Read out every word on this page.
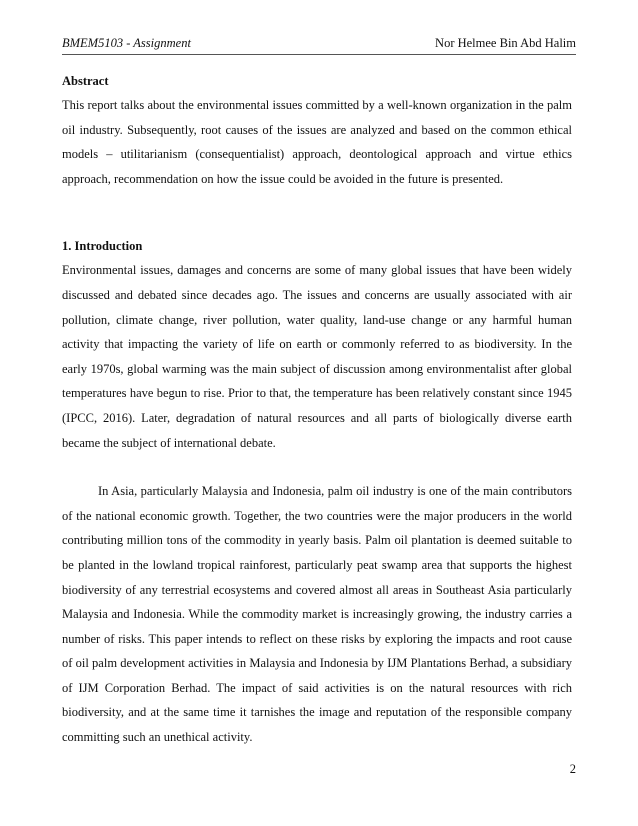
BMEM5103 - Assignment	Nor Helmee Bin Abd Halim
Abstract

This report talks about the environmental issues committed by a well-known organization in the palm oil industry. Subsequently, root causes of the issues are analyzed and based on the common ethical models – utilitarianism (consequentialist) approach, deontological approach and virtue ethics approach, recommendation on how the issue could be avoided in the future is presented.

1. Introduction

Environmental issues, damages and concerns are some of many global issues that have been widely discussed and debated since decades ago. The issues and concerns are usually associated with air pollution, climate change, river pollution, water quality, land-use change or any harmful human activity that impacting the variety of life on earth or commonly referred to as biodiversity. In the early 1970s, global warming was the main subject of discussion among environmentalist after global temperatures have begun to rise. Prior to that, the temperature has been relatively constant since 1945 (IPCC, 2016). Later, degradation of natural resources and all parts of biologically diverse earth became the subject of international debate.

In Asia, particularly Malaysia and Indonesia, palm oil industry is one of the main contributors of the national economic growth. Together, the two countries were the major producers in the world contributing million tons of the commodity in yearly basis. Palm oil plantation is deemed suitable to be planted in the lowland tropical rainforest, particularly peat swamp area that supports the highest biodiversity of any terrestrial ecosystems and covered almost all areas in Southeast Asia particularly Malaysia and Indonesia. While the commodity market is increasingly growing, the industry carries a number of risks. This paper intends to reflect on these risks by exploring the impacts and root cause of oil palm development activities in Malaysia and Indonesia by IJM Plantations Berhad, a subsidiary of IJM Corporation Berhad. The impact of said activities is on the natural resources with rich biodiversity, and at the same time it tarnishes the image and reputation of the responsible company committing such an unethical activity.

2
